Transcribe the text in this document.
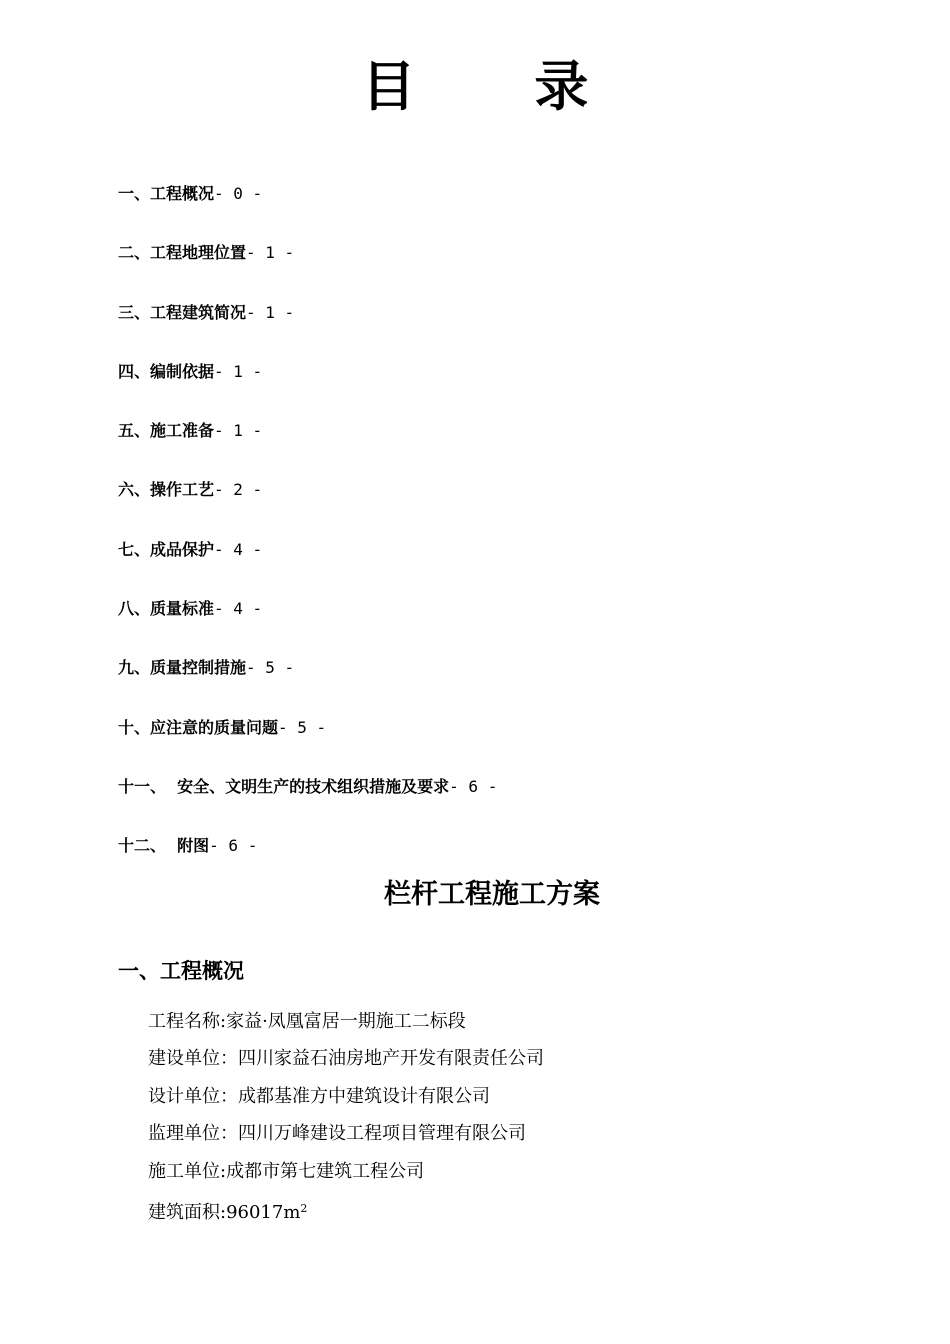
目 录
一、工程概况- 0 -
二、工程地理位置- 1 -
三、工程建筑简况- 1 -
四、编制依据- 1 -
五、施工准备- 1 -
六、操作工艺- 2 -
七、成品保护- 4 -
八、质量标准- 4 -
九、质量控制措施- 5 -
十、应注意的质量问题- 5 -
十一、  安全、文明生产的技术组织措施及要求- 6 -
十二、  附图- 6 -
栏杆工程施工方案
一、工程概况
工程名称:家益·凤凰富居一期施工二标段
建设单位：四川家益石油房地产开发有限责任公司
设计单位：成都基准方中建筑设计有限公司
监理单位：四川万峰建设工程项目管理有限公司
施工单位:成都市第七建筑工程公司
建筑面积$:96017m^2$
